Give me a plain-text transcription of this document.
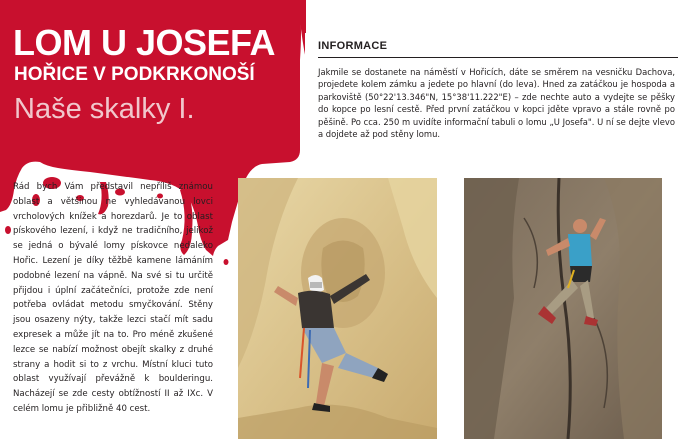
LOM U JOSEFA
HOŘICE V PODKRKONOŠÍ
Naše skalky I.
INFORMACE

Jakmile se dostanete na náměstí v Hořicích, dáte se směrem na vesničku Dachova, projedete kolem zámku a jedete po hlavní (do leva). Hned za zatáčkou je hospoda a parkoviště (50°22'13.346"N, 15°38'11.222"E) – zde nechte auto a vydejte se pěšky do kopce po lesní cestě. Před první zatáčkou v kopci jděte vpravo a stále rovně po pěšině. Po cca. 250 m uvidíte informační tabuli o lomu „U Josefa". U ní se dejte vlevo a dojdete až pod stěny lomu.

Rád bych Vám představil nepříliš známou oblast a většinou ne vyhledávanou lovci vrcholových knížek a horezdarů. Je to oblast pískového lezení, i když ne tradičního, jelikož se jedná o bývalé lomy pískovce nedaleko Hořic. Lezení je díky těžbě kamene lámáním podobné lezení na vápně. Na své si tu určitě přijdou i úplní začátečníci, protože zde není potřeba ovládat metodu smyčkování. Stěny jsou osazeny nýty, takže lezci stačí mít sadu expresek a může jít na to. Pro méně zkušené lezce se nabízí možnost obejít skalky z druhé strany a hodit si to z vrchu. Místní kluci tuto oblast využívají převážně k boulderingu. Nacházejí se zde cesty obtížností II až IXc. V celém lomu je přibližně 40 cest.
